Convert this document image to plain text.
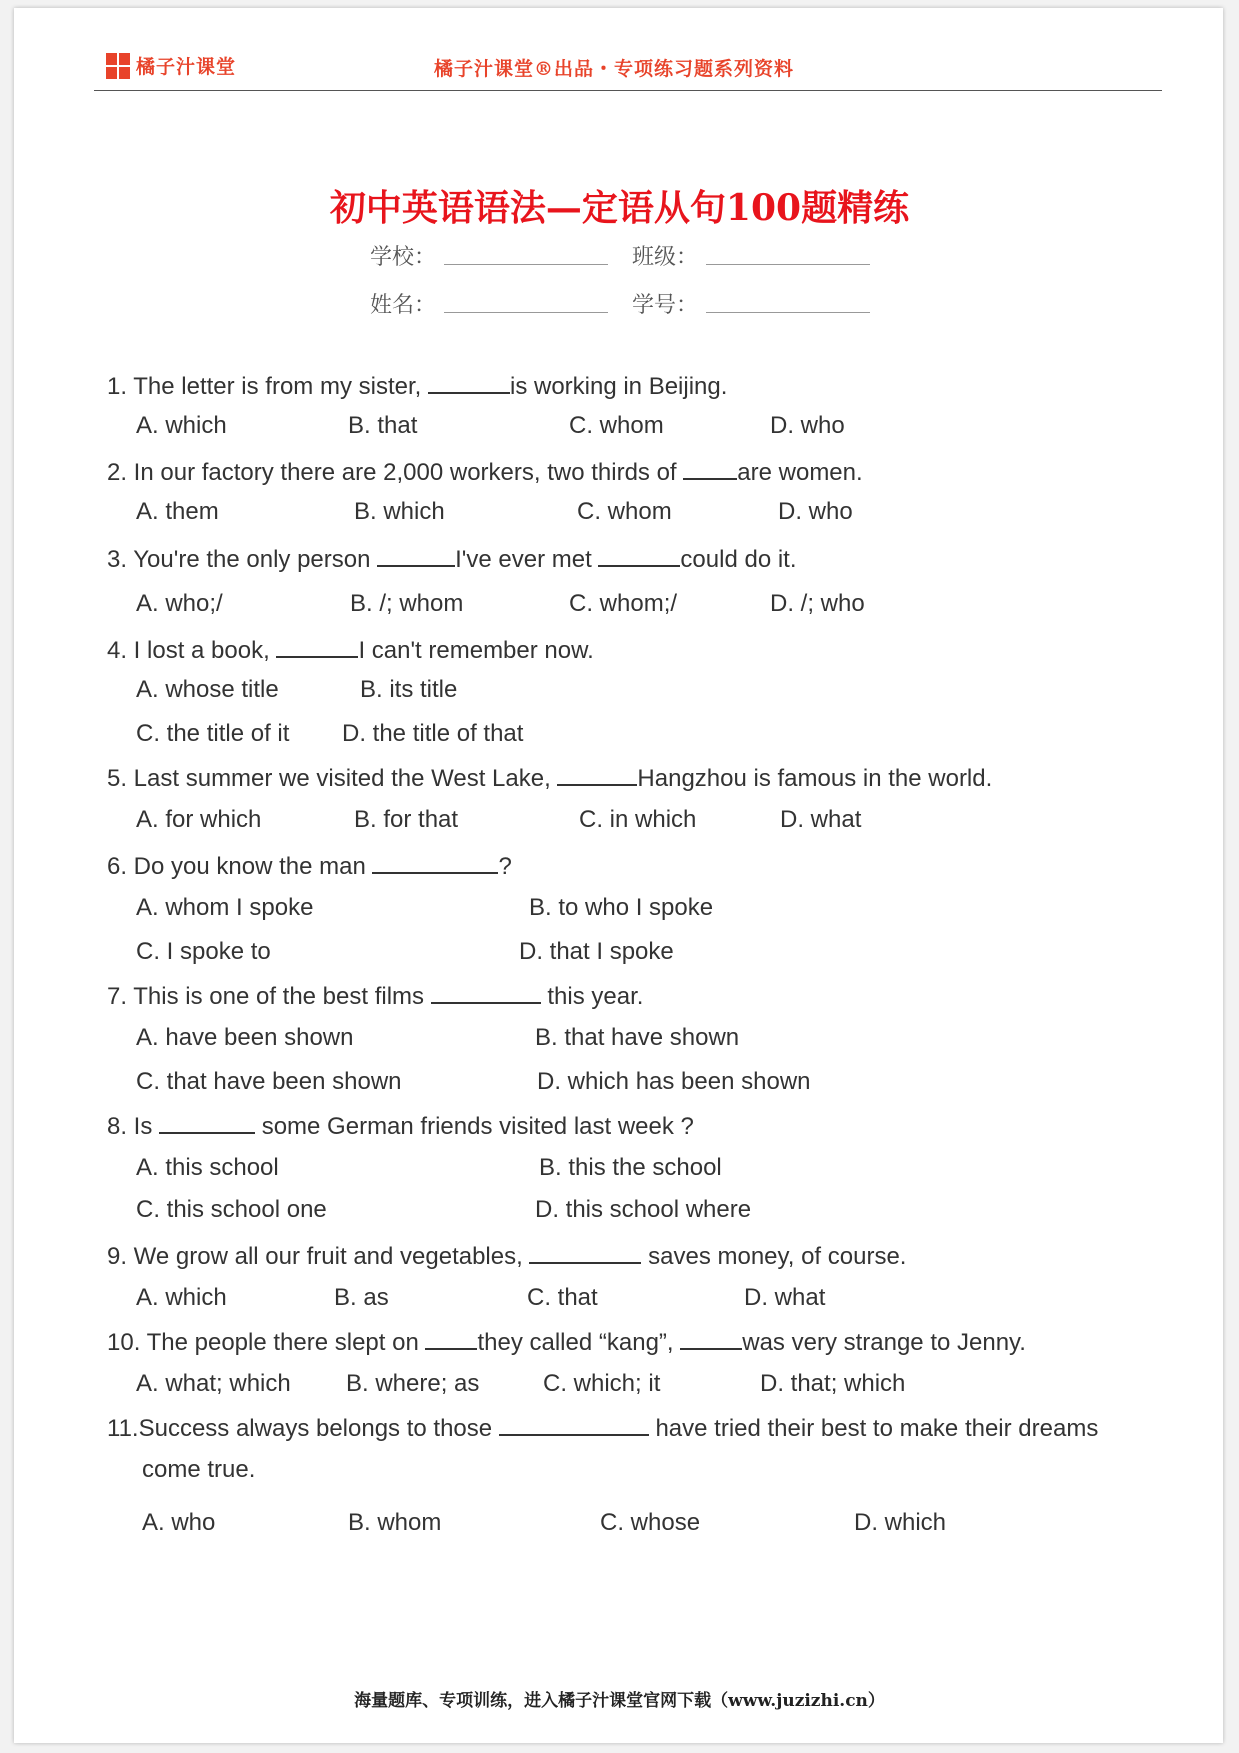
橘子汁课堂	橘子汁课堂®出品・专项练习题系列资料
初中英语语法—定语从句100题精练
学校：	班级：
姓名：	学号：
1. The letter is from my sister,	is working in Beijing.
A. which	B. that	C. whom	D. who
2. In our factory there are 2,000 workers, two thirds of are women.
A. them	B. which	C. whom	D. who
3. You're the only person	I've ever met	could do it.
A. who;/	B. /; whom	C. whom;/	D. /; who
4. I lost a book,	I can't remember now.
A. whose title	B. its title
C. the title of it D. the title of that
5. Last summer we visited the West Lake,	Hangzhou is famous in the world.
A. for which	B. for that	C. in which	D. what
6. Do you know the man	?
A. whom I spoke	B. to who I spoke
C. I spoke to	D. that I spoke
7. This is one of the best films	this year.
A. have been shown	B. that have shown
C. that have been shown	D. which has been shown
8. Is	some German friends visited last week ?
A. this school	B. this the school
C. this school one	D. this school where
9. We grow all our fruit and vegetables,	saves money, of course.
A. which	B. as	C. that	D. what
10. The people there slept on they called “kang”,	was very strange to Jenny.
A. what; which B. where; as	C. which; it	D. that; which
11.Success always belongs to those	have tried their best to make their dreams
come true.
A. who	B. whom	C. whose	D. which
海量题库、专项训练，进入橘子汁课堂官网下载（www.juzizhi.cn）
